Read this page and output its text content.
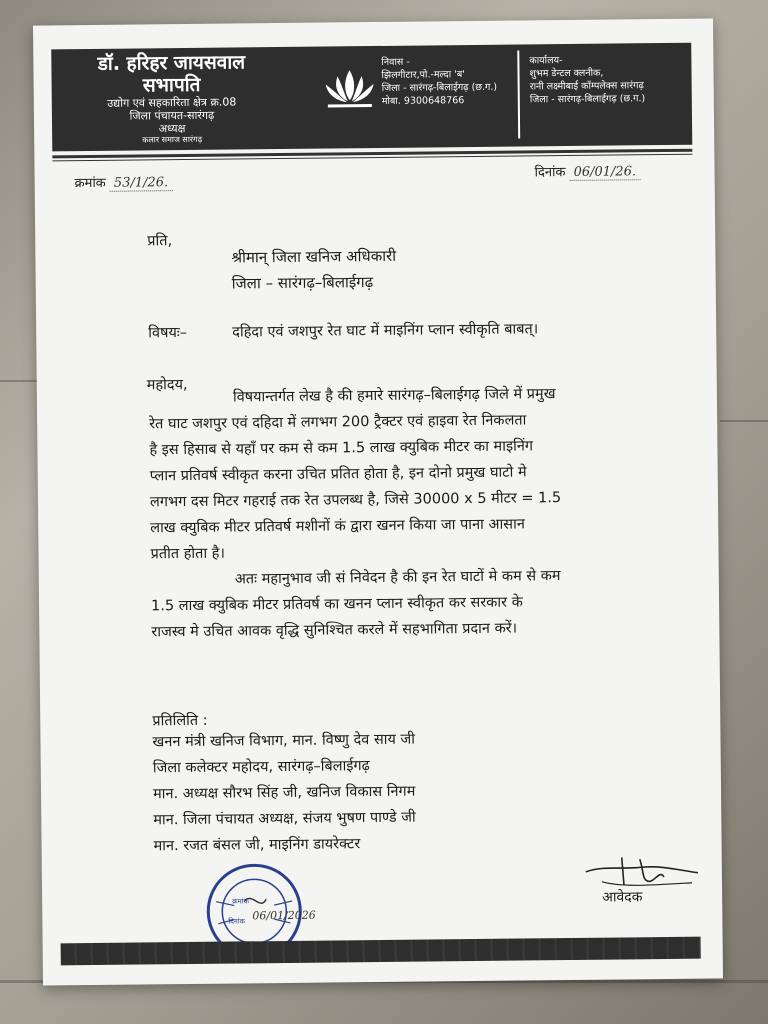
डॉ. हरिहर जायसवाल
सभापति
उद्योग एवं सहकारिता क्षेत्र क्र.08
जिला पंचायत-सारंगढ़
अध्यक्ष
कलार समाज सारंगढ़
निवास -
झिलगीटार,पो.-मल्दा 'ब'
जिला - सारंगढ़-बिलाईगढ़ (छ.ग.)
मोबा. 9300648766
कार्यालय-
शुभम डेन्टल क्लनीक,
रानी लक्ष्मीबाई कॉम्पलेक्स सारंगढ़
जिला - सारंगढ़-बिलाईगढ़ (छ.ग.)
क्रमांक 53/1/26.
दिनांक 06/01/26.
प्रति,
श्रीमान् जिला खनिज अधिकारी
जिला – सारंगढ़–बिलाईगढ़
विषयः–	दहिदा एवं जशपुर रेत घाट में माइनिंग प्लान स्वीकृति बाबत्।
महोदय,
विषयान्तर्गत लेख है की हमारे सारंगढ़–बिलाईगढ़ जिले में प्रमुख
रेत घाट जशपुर एवं दहिदा में लगभग 200 ट्रैक्टर एवं हाइवा रेत निकलता
है इस हिसाब से यहाँ पर कम से कम 1.5 लाख क्युबिक मीटर का माइनिंग
प्लान प्रतिवर्ष स्वीकृत करना उचित प्रतित होता है, इन दोनो प्रमुख घाटो मे
लगभग दस मिटर गहराई तक रेत उपलब्ध है, जिसे 30000 x 5 मीटर = 1.5
लाख क्युबिक मीटर प्रतिवर्ष मशीनों कं द्वारा खनन किया जा पाना आसान
प्रतीत होता है।
अतः महानुभाव जी सं निवेदन है की इन रेत घाटों मे कम से कम
1.5 लाख क्युबिक मीटर प्रतिवर्ष का खनन प्लान स्वीकृत कर सरकार के
राजस्व मे उचित आवक वृद्धि सुनिश्चित करले में सहभागिता प्रदान करें।
प्रतिलिति :
खनन मंत्री खनिज विभाग, मान. विष्णु देव साय जी
जिला कलेक्टर महोदय, सारंगढ़–बिलाईगढ़
मान. अध्यक्ष सौरभ सिंह जी, खनिज विकास निगम
मान. जिला पंचायत अध्यक्ष, संजय भुषण पाण्डे जी
मान. रजत बंसल जी, माइनिंग डायरेक्टर
क्रमांक
दिनांक 06/01/2026
आवेदक
